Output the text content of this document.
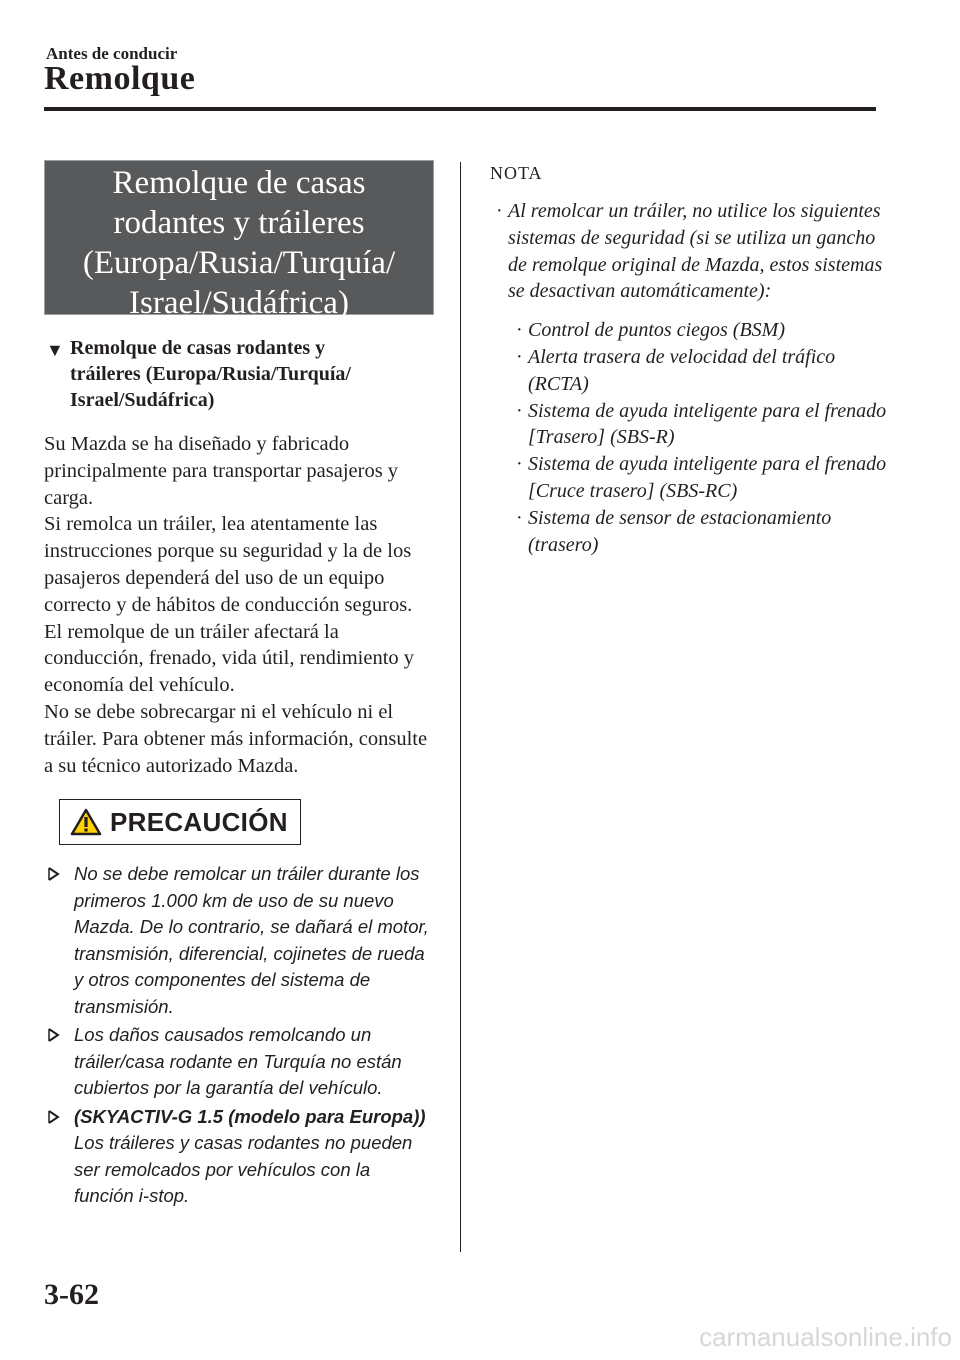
Antes de conducir
Remolque
Remolque de casas
rodantes y tráileres
(Europa/Rusia/Turquía/
Israel/Sudáfrica)
▼ Remolque de casas rodantes y
tráileres (Europa/Rusia/Turquía/
Israel/Sudáfrica)
Su Mazda se ha diseñado y fabricado principalmente para transportar pasajeros y carga.
Si remolca un tráiler, lea atentamente las instrucciones porque su seguridad y la de los pasajeros dependerá del uso de un equipo correcto y de hábitos de conducción seguros. El remolque de un tráiler afectará la conducción, frenado, vida útil, rendimiento y economía del vehículo.
No se debe sobrecargar ni el vehículo ni el tráiler. Para obtener más información, consulte a su técnico autorizado Mazda.
PRECAUCIÓN
No se debe remolcar un tráiler durante los primeros 1.000 km de uso de su nuevo Mazda. De lo contrario, se dañará el motor, transmisión, diferencial, cojinetes de rueda y otros componentes del sistema de transmisión.
Los daños causados remolcando un tráiler/casa rodante en Turquía no están cubiertos por la garantía del vehículo.
(SKYACTIV-G 1.5 (modelo para Europa))
Los tráileres y casas rodantes no pueden ser remolcados por vehículos con la función i-stop.
NOTA
· Al remolcar un tráiler, no utilice los siguientes sistemas de seguridad (si se utiliza un gancho de remolque original de Mazda, estos sistemas se desactivan automáticamente):
· Control de puntos ciegos (BSM)
· Alerta trasera de velocidad del tráfico (RCTA)
· Sistema de ayuda inteligente para el frenado [Trasero] (SBS-R)
· Sistema de ayuda inteligente para el frenado [Cruce trasero] (SBS-RC)
· Sistema de sensor de estacionamiento (trasero)
3-62
carmanualsonline.info
